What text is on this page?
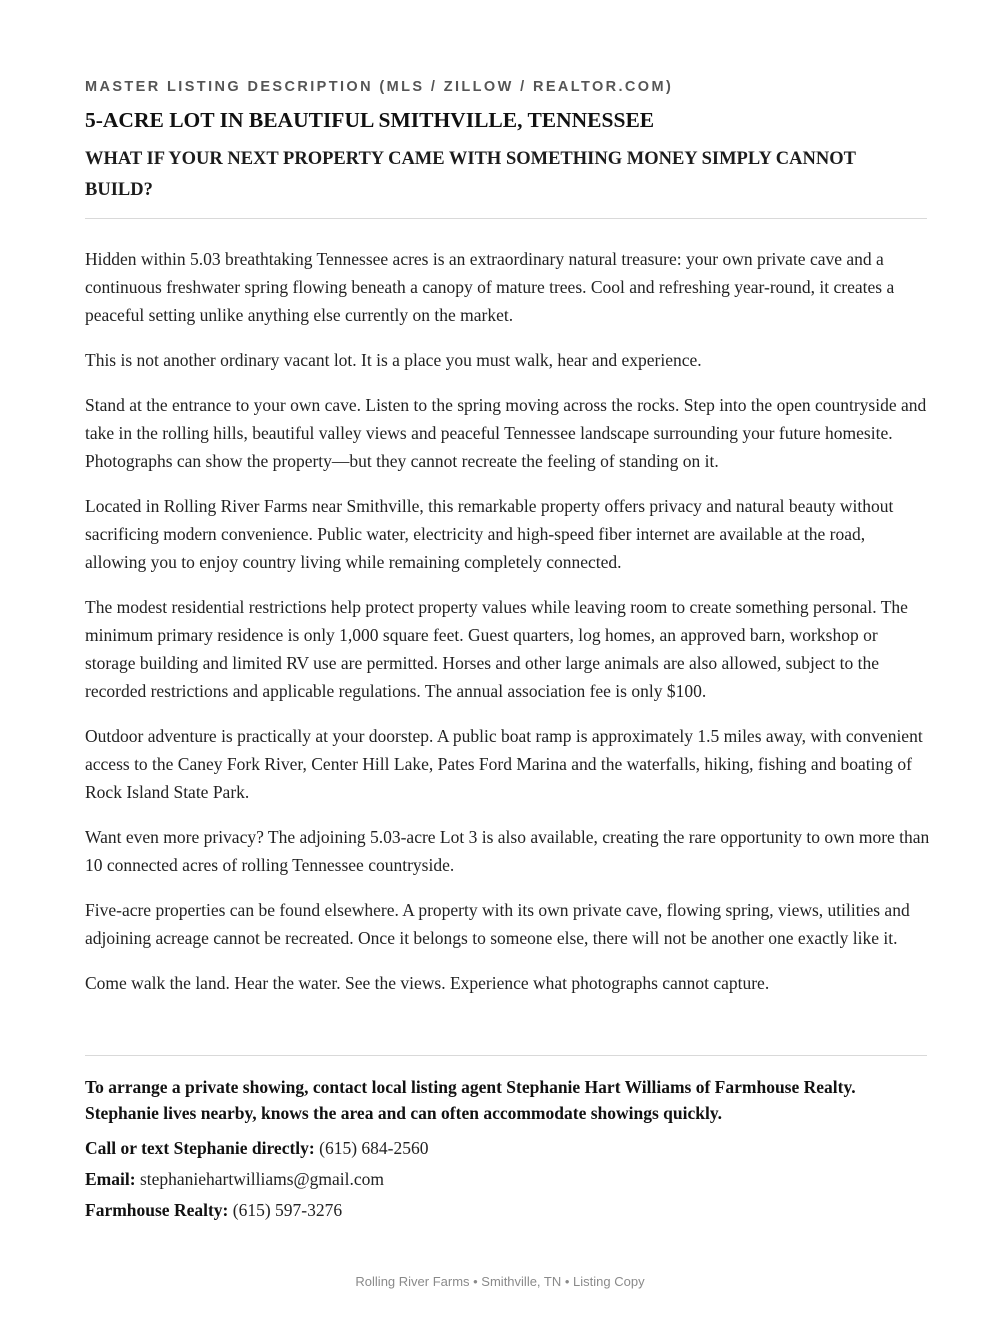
MASTER LISTING DESCRIPTION (MLS / ZILLOW / REALTOR.COM)
5-ACRE LOT IN BEAUTIFUL SMITHVILLE, TENNESSEE
WHAT IF YOUR NEXT PROPERTY CAME WITH SOMETHING MONEY SIMPLY CANNOT BUILD?

Hidden within 5.03 breathtaking Tennessee acres is an extraordinary natural treasure: your own private cave and a continuous freshwater spring flowing beneath a canopy of mature trees. Cool and refreshing year-round, it creates a peaceful setting unlike anything else currently on the market.

This is not another ordinary vacant lot. It is a place you must walk, hear and experience.

Stand at the entrance to your own cave. Listen to the spring moving across the rocks. Step into the open countryside and take in the rolling hills, beautiful valley views and peaceful Tennessee landscape surrounding your future homesite. Photographs can show the property—but they cannot recreate the feeling of standing on it.

Located in Rolling River Farms near Smithville, this remarkable property offers privacy and natural beauty without sacrificing modern convenience. Public water, electricity and high-speed fiber internet are available at the road, allowing you to enjoy country living while remaining completely connected.

The modest residential restrictions help protect property values while leaving room to create something personal. The minimum primary residence is only 1,000 square feet. Guest quarters, log homes, an approved barn, workshop or storage building and limited RV use are permitted. Horses and other large animals are also allowed, subject to the recorded restrictions and applicable regulations. The annual association fee is only $100.

Outdoor adventure is practically at your doorstep. A public boat ramp is approximately 1.5 miles away, with convenient access to the Caney Fork River, Center Hill Lake, Pates Ford Marina and the waterfalls, hiking, fishing and boating of Rock Island State Park.

Want even more privacy? The adjoining 5.03-acre Lot 3 is also available, creating the rare opportunity to own more than 10 connected acres of rolling Tennessee countryside.

Five-acre properties can be found elsewhere. A property with its own private cave, flowing spring, views, utilities and adjoining acreage cannot be recreated. Once it belongs to someone else, there will not be another one exactly like it.

Come walk the land. Hear the water. See the views. Experience what photographs cannot capture.

To arrange a private showing, contact local listing agent Stephanie Hart Williams of Farmhouse Realty. Stephanie lives nearby, knows the area and can often accommodate showings quickly.

Call or text Stephanie directly: (615) 684-2560

Email: stephaniehartwilliams@gmail.com

Farmhouse Realty: (615) 597-3276

Rolling River Farms • Smithville, TN • Listing Copy
